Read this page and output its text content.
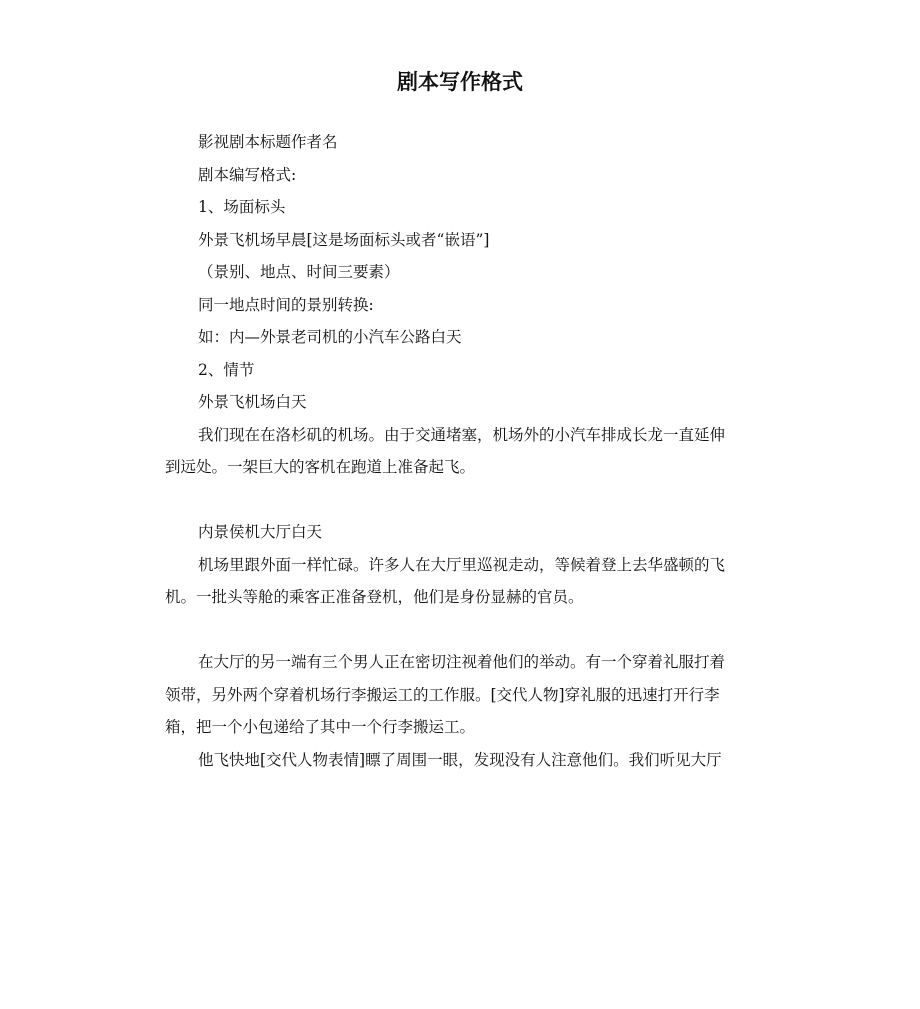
剧本写作格式
影视剧本标题作者名
剧本编写格式:
1、场面标头
外景飞机场早晨[这是场面标头或者“嵌语”]
（景别、地点、时间三要素）
同一地点时间的景别转换:
如：内—外景老司机的小汽车公路白天
2、情节
外景飞机场白天
我们现在在洛杉矶的机场。由于交通堵塞，机场外的小汽车排成长龙一直延伸
到远处。一架巨大的客机在跑道上准备起飞。
内景侯机大厅白天
机场里跟外面一样忙碌。许多人在大厅里巡视走动，等候着登上去华盛顿的飞
机。一批头等舱的乘客正准备登机，他们是身份显赫的官员。
在大厅的另一端有三个男人正在密切注视着他们的举动。有一个穿着礼服打着
领带，另外两个穿着机场行李搬运工的工作服。[交代人物]穿礼服的迅速打开行李
箱，把一个小包递给了其中一个行李搬运工。
他飞快地[交代人物表情]瞟了周围一眼，发现没有人注意他们。我们听见大厅
